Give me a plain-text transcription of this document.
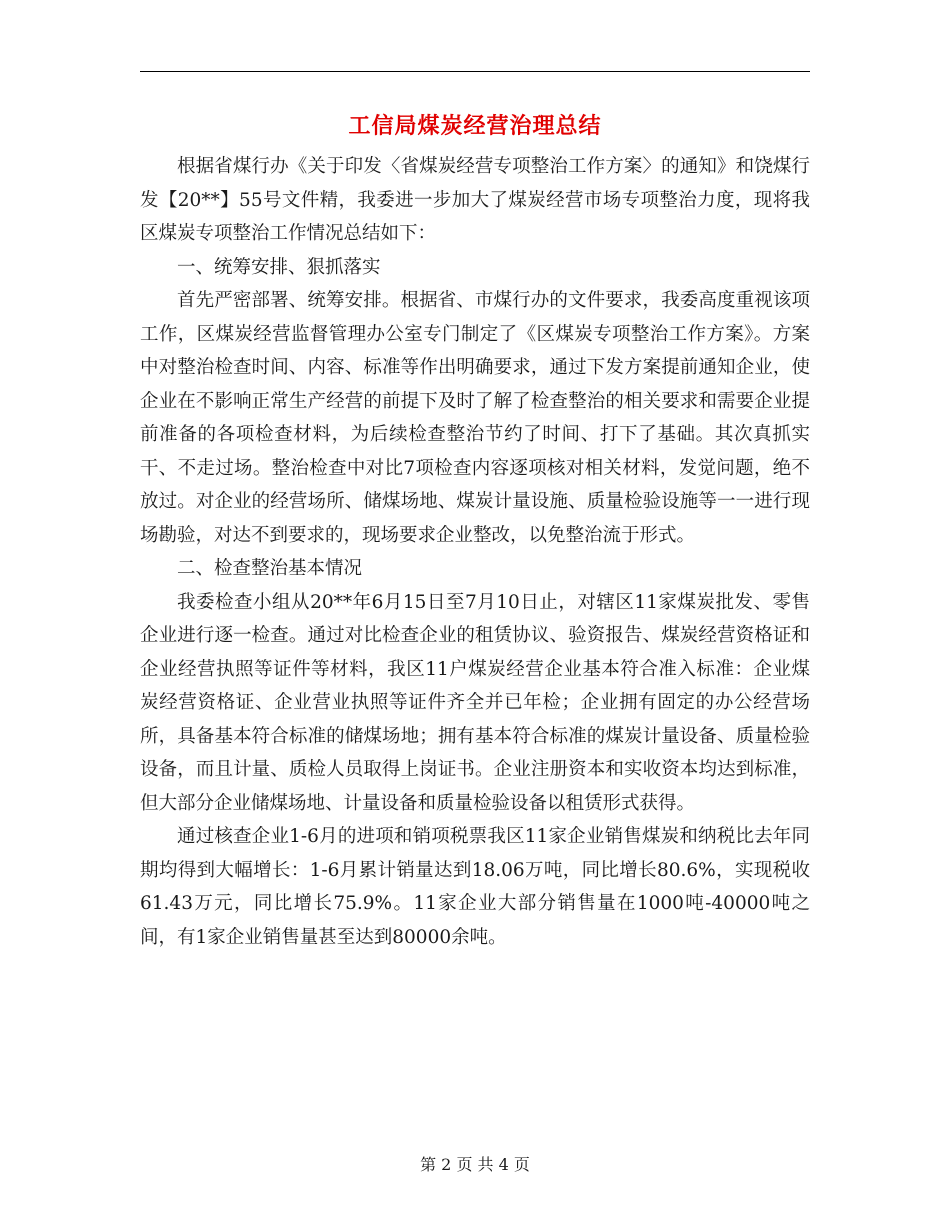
工信局煤炭经营治理总结

根据省煤行办《关于印发〈省煤炭经营专项整治工作方案〉的通知》和饶煤行发【20**】55号文件精，我委进一步加大了煤炭经营市场专项整治力度，现将我区煤炭专项整治工作情况总结如下：

一、统筹安排、狠抓落实

首先严密部署、统筹安排。根据省、市煤行办的文件要求，我委高度重视该项工作，区煤炭经营监督管理办公室专门制定了《区煤炭专项整治工作方案》。方案中对整治检查时间、内容、标准等作出明确要求，通过下发方案提前通知企业，使企业在不影响正常生产经营的前提下及时了解了检查整治的相关要求和需要企业提前准备的各项检查材料，为后续检查整治节约了时间、打下了基础。其次真抓实干、不走过场。整治检查中对比7项检查内容逐项核对相关材料，发觉问题，绝不放过。对企业的经营场所、储煤场地、煤炭计量设施、质量检验设施等一一进行现场勘验，对达不到要求的，现场要求企业整改，以免整治流于形式。

二、检查整治基本情况

我委检查小组从20**年6月15日至7月10日止，对辖区11家煤炭批发、零售企业进行逐一检查。通过对比检查企业的租赁协议、验资报告、煤炭经营资格证和企业经营执照等证件等材料，我区11户煤炭经营企业基本符合准入标准：企业煤炭经营资格证、企业营业执照等证件齐全并已年检；企业拥有固定的办公经营场所，具备基本符合标准的储煤场地；拥有基本符合标准的煤炭计量设备、质量检验设备，而且计量、质检人员取得上岗证书。企业注册资本和实收资本均达到标准，但大部分企业储煤场地、计量设备和质量检验设备以租赁形式获得。

通过核查企业1-6月的进项和销项税票我区11家企业销售煤炭和纳税比去年同期均得到大幅增长：1-6月累计销量达到18.06万吨，同比增长80.6%，实现税收61.43万元，同比增长75.9%。11家企业大部分销售量在1000吨-40000吨之间，有1家企业销售量甚至达到80000余吨。

第 2 页 共 4 页
